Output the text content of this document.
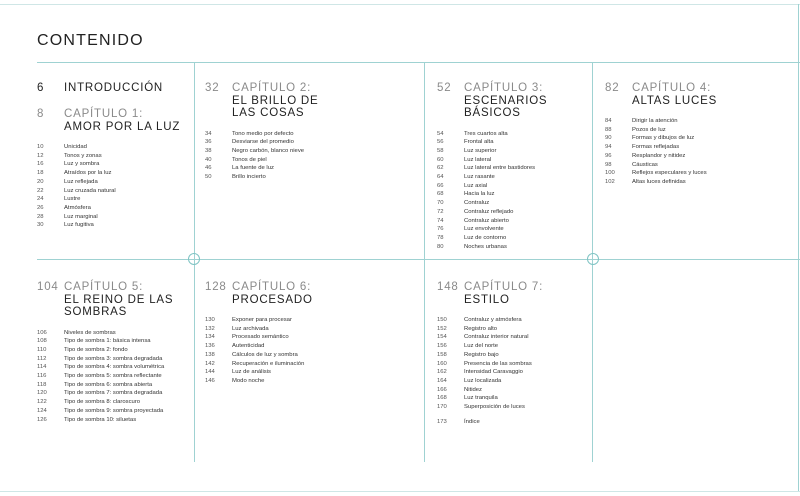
CONTENIDO
6	INTRODUCCIÓN
8	CAPÍTULO 1:
AMOR POR LA LUZ
10	Unicidad
12	Tonos y zonas
16	Luz y sombra
18	Atraídos por la luz
20	Luz reflejada
22	Luz cruzada natural
24	Lustre
26	Atmósfera
28	Luz marginal
30	Luz fugitiva
32	CAPÍTULO 2:
EL BRILLO DE LAS COSAS
34	Tono medio por defecto
36	Desviarse del promedio
38	Negro carbón, blanco nieve
40	Tonos de piel
46	La fuente de luz
50	Brillo incierto
52	CAPÍTULO 3:
ESCENARIOS BÁSICOS
54	Tres cuartos alta
56	Frontal alta
58	Luz superior
60	Luz lateral
62	Luz lateral entre bastidores
64	Luz rasante
66	Luz axial
68	Hacia la luz
70	Contraluz
72	Contraluz reflejado
74	Contraluz abierto
76	Luz envolvente
78	Luz de contorno
80	Noches urbanas
82	CAPÍTULO 4:
ALTAS LUCES
84	Dirigir la atención
88	Pozos de luz
90	Formas y dibujos de luz
94	Formas reflejadas
96	Resplandor y nitidez
98	Cáusticas
100	Reflejos especulares y luces
102	Altas luces definidas
104 CAPÍTULO 5:
EL REINO DE LAS SOMBRAS
106	Niveles de sombras
108	Tipo de sombra 1: básica intensa
110	Tipo de sombra 2: fondo
112	Tipo de sombra 3: sombra degradada
114	Tipo de sombra 4: sombra volumétrica
116	Tipo de sombra 5: sombra reflectante
118	Tipo de sombra 6: sombra abierta
120	Tipo de sombra 7: sombra degradada
122	Tipo de sombra 8: claroscuro
124	Tipo de sombra 9: sombra proyectada
126	Tipo de sombra 10: siluetas
128 CAPÍTULO 6:
PROCESADO
130	Exponer para procesar
132	Luz archivada
134	Procesado semántico
136	Autenticidad
138	Cálculos de luz y sombra
142	Recuperación e iluminación
144	Luz de análisis
146	Modo noche
148 CAPÍTULO 7:
ESTILO
150	Contraluz y atmósfera
152	Registro alto
154	Contraluz interior natural
156	Luz del norte
158	Registro bajo
160	Presencia de las sombras
162	Intensidad Caravaggio
164	Luz localizada
166	Nitidez
168	Luz tranquila
170	Superposición de luces
173	Índice
